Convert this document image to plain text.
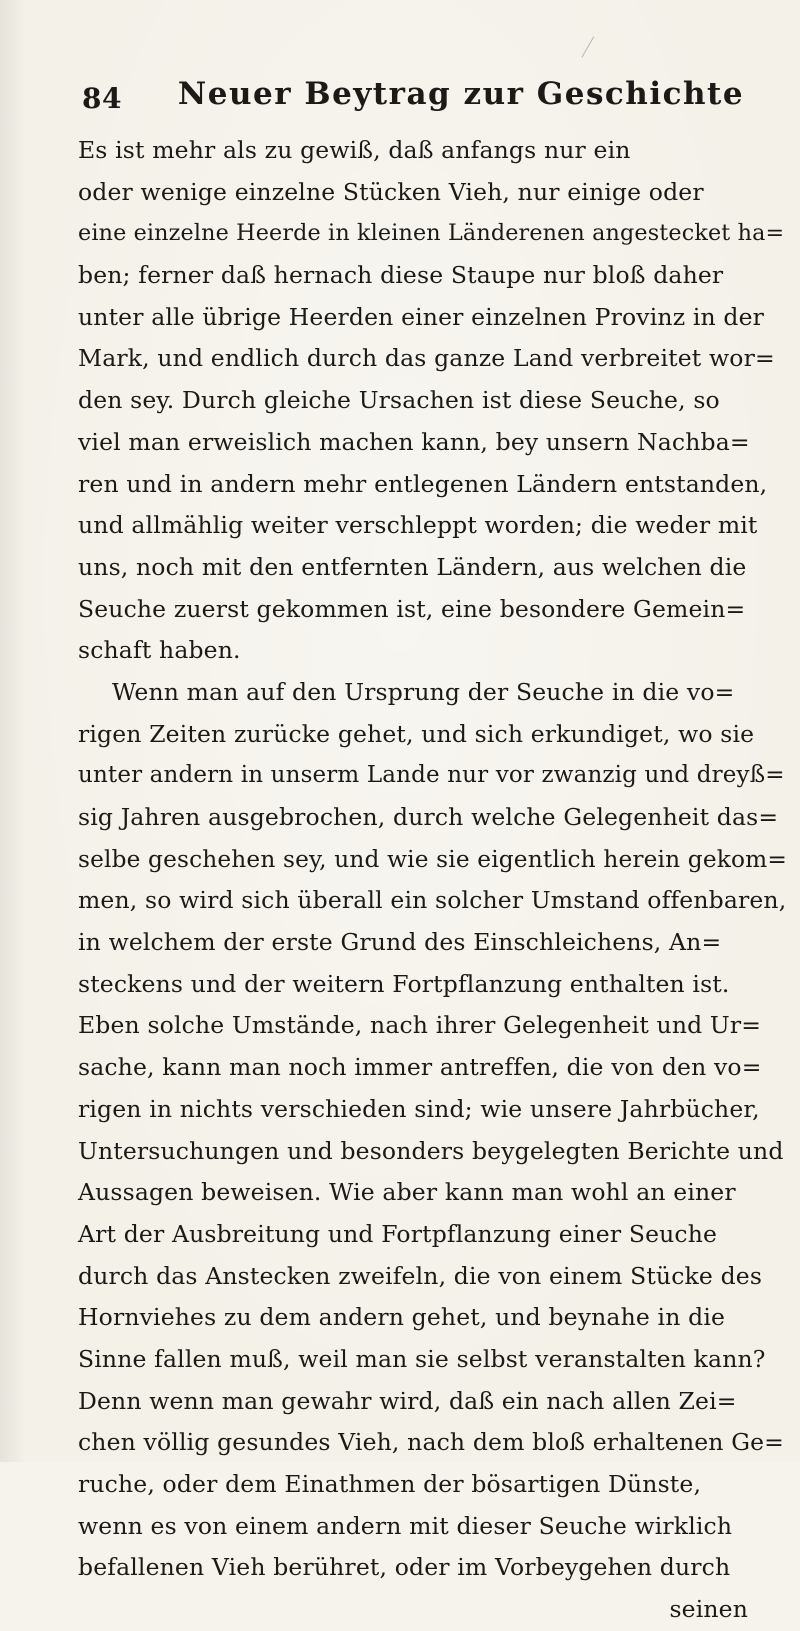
84	Neuer Beytrag zur Geschichte
Es ist mehr als zu gewiß, daß anfangs nur ein
oder wenige einzelne Stücken Vieh, nur einige oder
eine einzelne Heerde in kleinen Länderenen angestecket ha=
ben; ferner daß hernach diese Staupe nur bloß daher
unter alle übrige Heerden einer einzelnen Provinz in der
Mark, und endlich durch das ganze Land verbreitet wor=
den sey. Durch gleiche Ursachen ist diese Seuche, so
viel man erweislich machen kann, bey unsern Nachba=
ren und in andern mehr entlegenen Ländern entstanden,
und allmählig weiter verschleppt worden; die weder mit
uns, noch mit den entfernten Ländern, aus welchen die
Seuche zuerst gekommen ist, eine besondere Gemein=
schaft haben.
Wenn man auf den Ursprung der Seuche in die vo=
rigen Zeiten zurücke gehet, und sich erkundiget, wo sie
unter andern in unserm Lande nur vor zwanzig und dreyß=
sig Jahren ausgebrochen, durch welche Gelegenheit das=
selbe geschehen sey, und wie sie eigentlich herein gekom=
men, so wird sich überall ein solcher Umstand offenbaren,
in welchem der erste Grund des Einschleichens, An=
steckens und der weitern Fortpflanzung enthalten ist.
Eben solche Umstände, nach ihrer Gelegenheit und Ur=
sache, kann man noch immer antreffen, die von den vo=
rigen in nichts verschieden sind; wie unsere Jahrbücher,
Untersuchungen und besonders beygelegten Berichte und
Aussagen beweisen. Wie aber kann man wohl an einer
Art der Ausbreitung und Fortpflanzung einer Seuche
durch das Anstecken zweifeln, die von einem Stücke des
Hornviehes zu dem andern gehet, und beynahe in die
Sinne fallen muß, weil man sie selbst veranstalten kann?
Denn wenn man gewahr wird, daß ein nach allen Zei=
chen völlig gesundes Vieh, nach dem bloß erhaltenen Ge=
ruche, oder dem Einathmen der bösartigen Dünste,
wenn es von einem andern mit dieser Seuche wirklich
befallenen Vieh berühret, oder im Vorbeygehen durch
seinen
